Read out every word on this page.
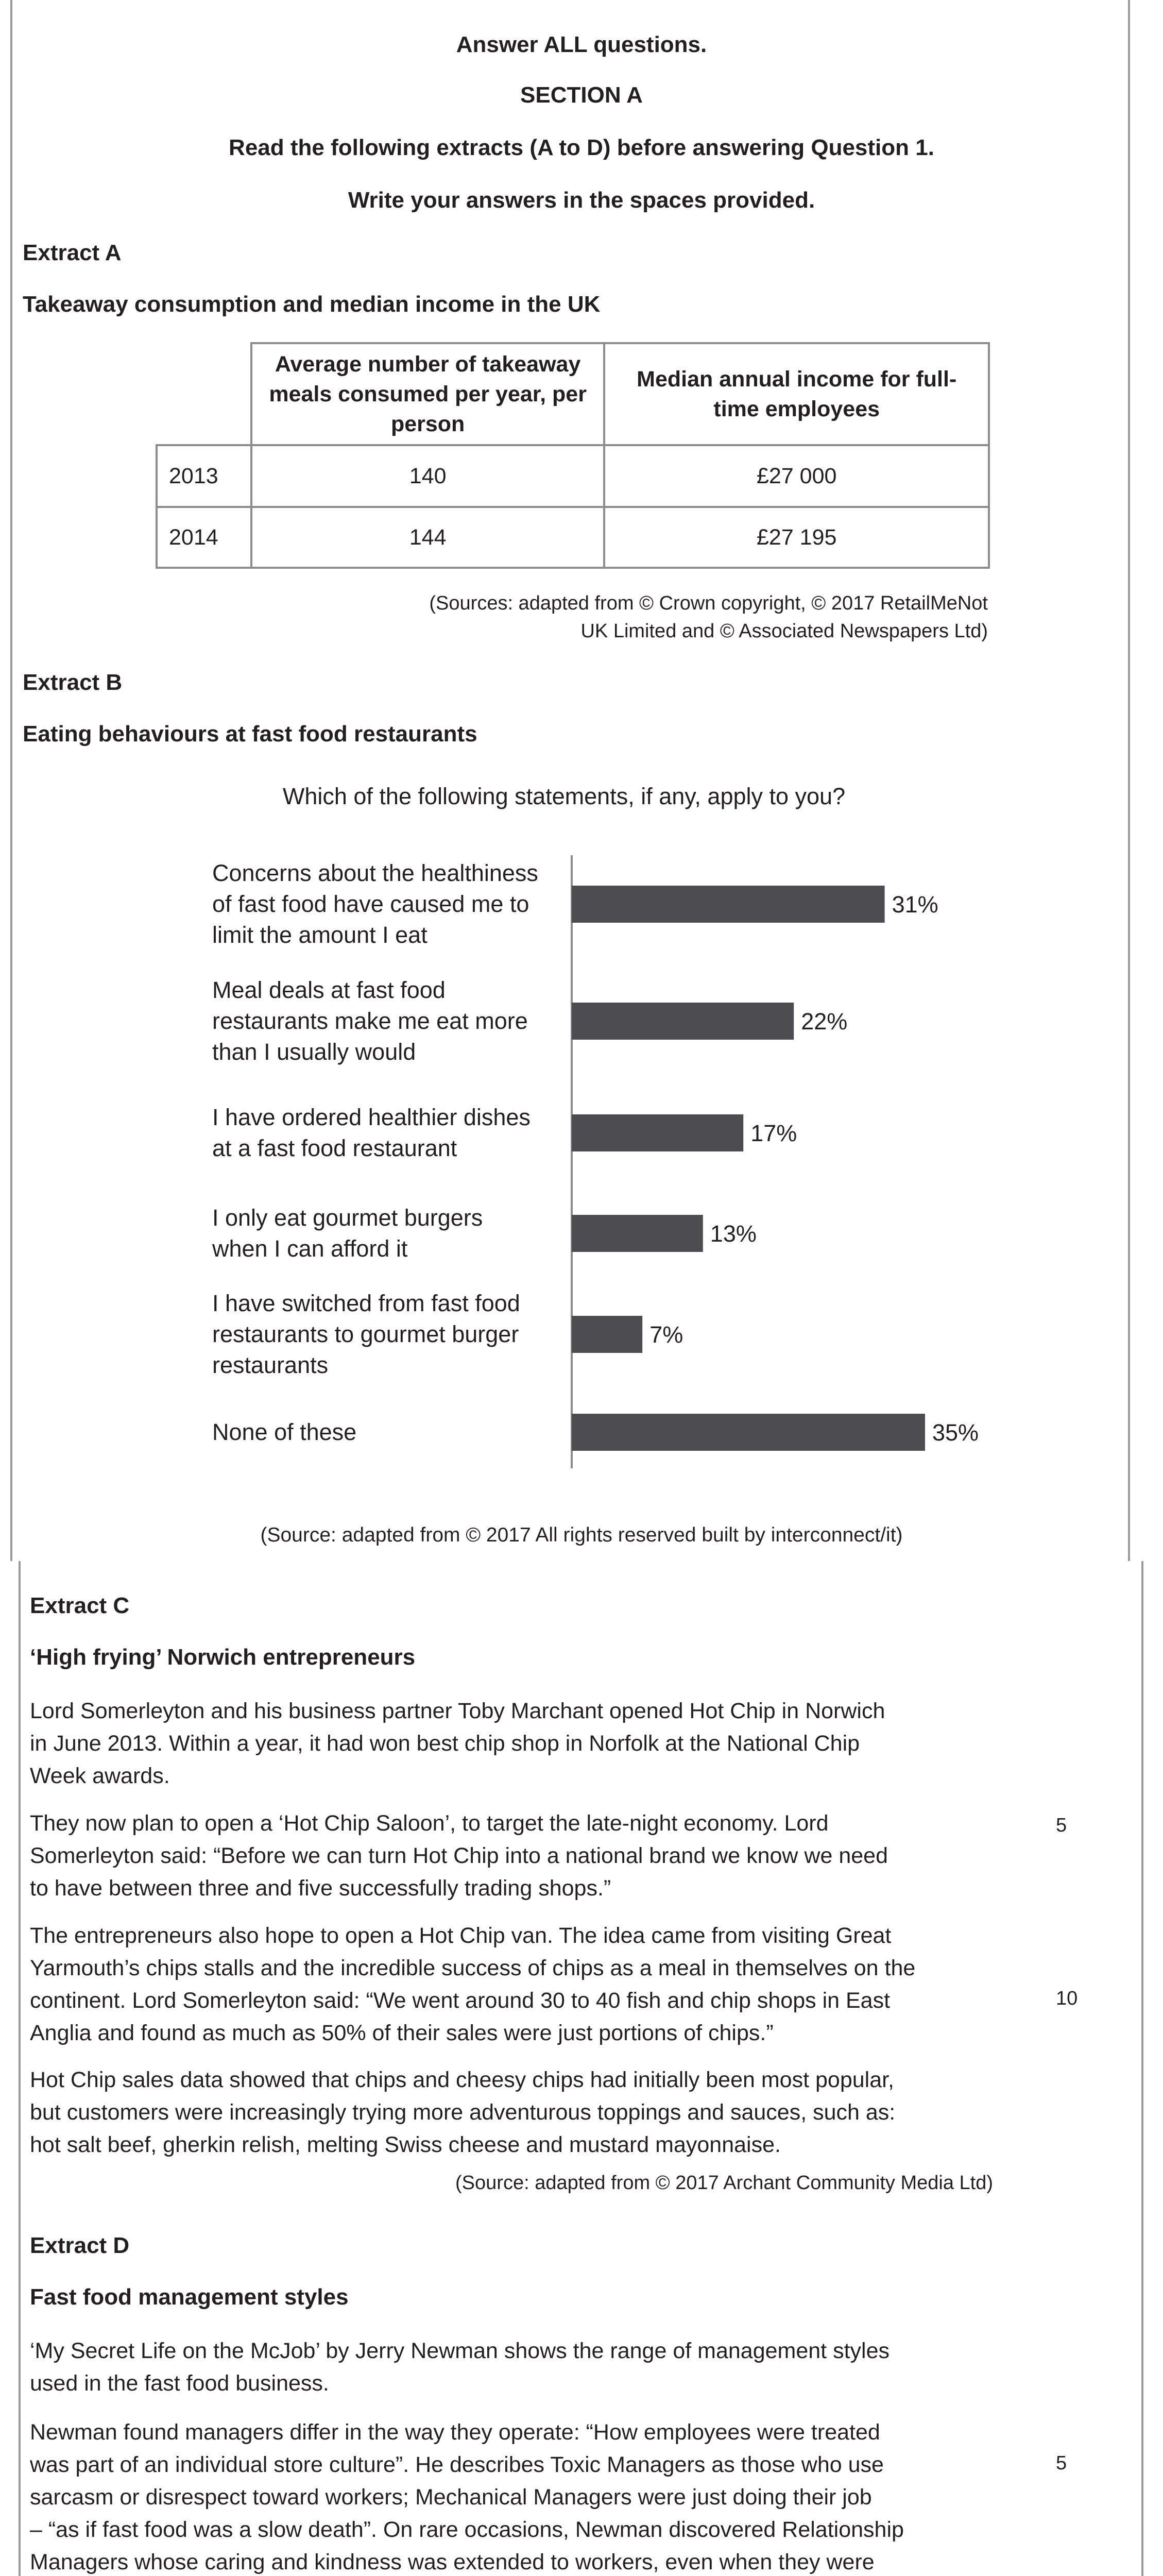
Answer ALL questions.
SECTION A
Read the following extracts (A to D) before answering Question 1.
Write your answers in the spaces provided.
Extract A
Takeaway consumption and median income in the UK
	Average number of takeaway meals consumed per year, per person	Median annual income for full-time employees
2013	140	£27 000
2014	144	£27 195
(Sources: adapted from © Crown copyright, © 2017 RetailMeNot
UK Limited and © Associated Newspapers Ltd)
Extract B
Eating behaviours at fast food restaurants
Which of the following statements, if any, apply to you?
Concerns about the healthiness
of fast food have caused me to
limit the amount I eat
31%
Meal deals at fast food
restaurants make me eat more
than I usually would
22%
I have ordered healthier dishes
at a fast food restaurant
17%
I only eat gourmet burgers
when I can afford it
13%
I have switched from fast food
restaurants to gourmet burger
restaurants
7%
None of these	35%
(Source: adapted from © 2017 All rights reserved built by interconnect/it)
Extract C
‘High frying’ Norwich entrepreneurs
Lord Somerleyton and his business partner Toby Marchant opened Hot Chip in Norwich
in June 2013. Within a year, it had won best chip shop in Norfolk at the National Chip
Week awards.
They now plan to open a ‘Hot Chip Saloon’, to target the late-night economy. Lord
Somerleyton said: “Before we can turn Hot Chip into a national brand we know we need
to have between three and five successfully trading shops.”
5
The entrepreneurs also hope to open a Hot Chip van. The idea came from visiting Great
Yarmouth’s chips stalls and the incredible success of chips as a meal in themselves on the
continent. Lord Somerleyton said: “We went around 30 to 40 fish and chip shops in East
Anglia and found as much as 50% of their sales were just portions of chips.”
10
Hot Chip sales data showed that chips and cheesy chips had initially been most popular,
but customers were increasingly trying more adventurous toppings and sauces, such as:
hot salt beef, gherkin relish, melting Swiss cheese and mustard mayonnaise.
(Source: adapted from © 2017 Archant Community Media Ltd)
Extract D
Fast food management styles
‘My Secret Life on the McJob’ by Jerry Newman shows the range of management styles
used in the fast food business.
Newman found managers differ in the way they operate: “How employees were treated
was part of an individual store culture”. He describes Toxic Managers as those who use
sarcasm or disrespect toward workers; Mechanical Managers were just doing their job
– “as if fast food was a slow death”. On rare occasions, Newman discovered Relationship
Managers whose caring and kindness was extended to workers, even when they were
5
